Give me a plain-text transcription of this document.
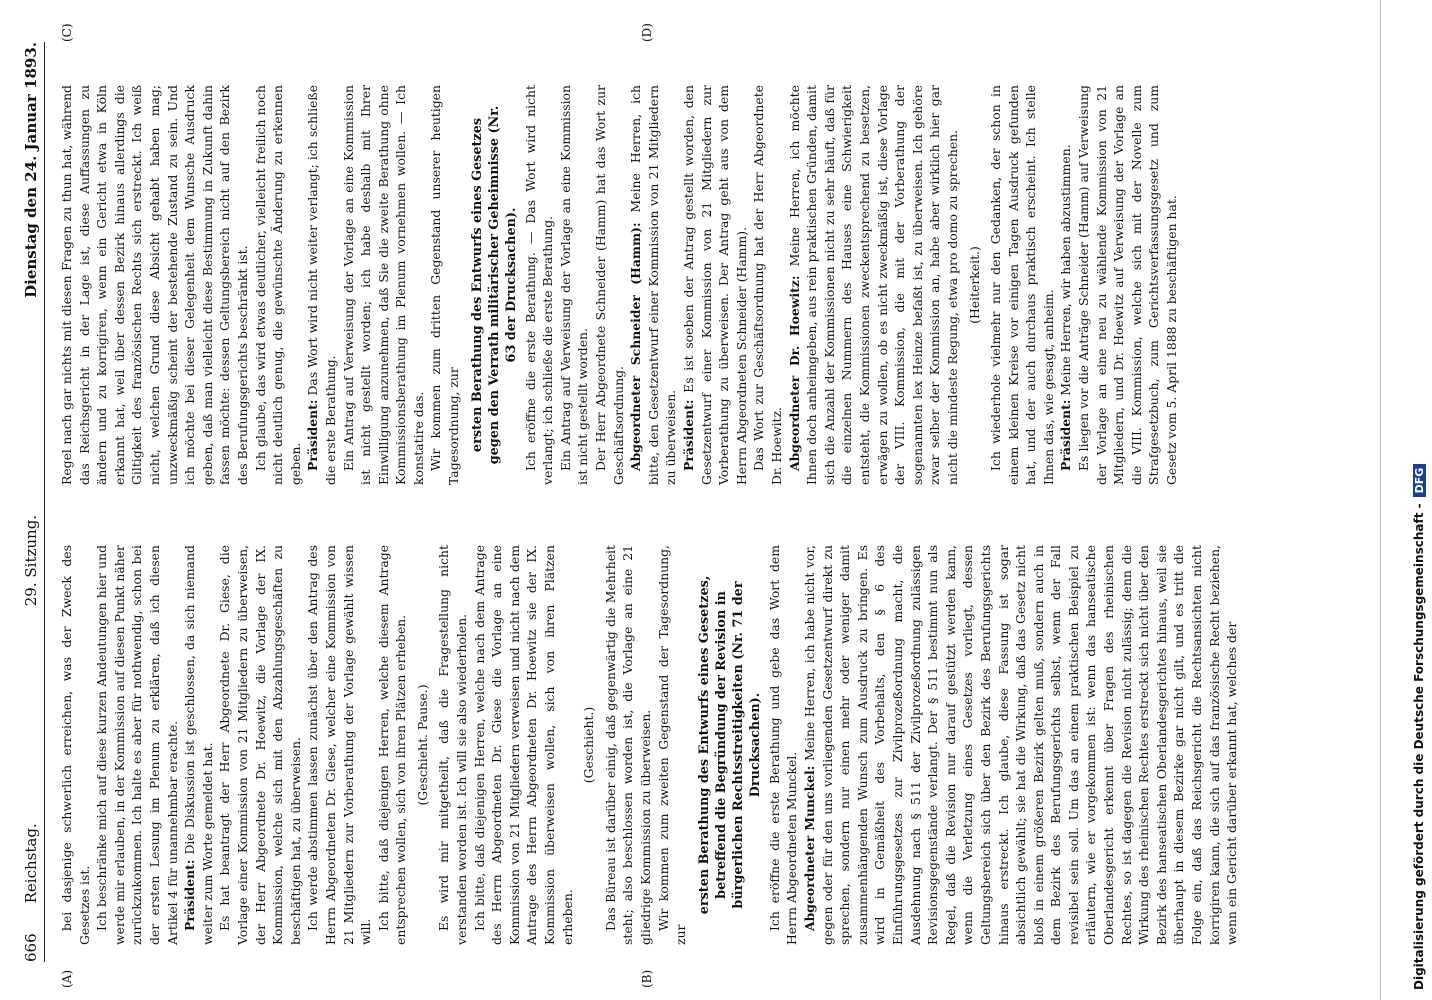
666
Reichstag.
29. Sitzung.
Dienstag den 24. Januar 1893.
(A)	(B)
(C)	(D)

bei dasjenige schwerlich erreichen, was der Zweck des Gesetzes ist. Ich beschränke mich auf diese kurzen Andeutungen hier und werde mir erlauben, in der Kommission auf diesen Punkt näher zurückzukommen. Ich halte es aber für nothwendig, schon bei der ersten Lesung im Plenum zu erklären, daß ich diesen Artikel 4 für unannehmbar erachte. Präsident: Die Diskussion ist geschlossen, da sich niemand weiter zum Worte gemeldet hat. Es hat beantragt der Herr Abgeordnete Dr. Giese, die Vorlage einer Kommission von 21 Mitgliedern zu überweisen, der Herr Abgeordnete Dr. Hoewitz, die Vorlage der IX. Kommission, welche sich mit den Abzahlungsgeschäften zu beschäftigen hat, zu überweisen. Ich werde abstimmen lassen zunächst über den Antrag des Herrn Abgeordneten Dr. Giese, welcher eine Kommission von 21 Mitgliedern zur Vorberathung der Vorlage gewählt wissen will.

Ich bitte, daß diejenigen Herren, welche diesem Antrage entsprechen wollen, sich von ihren Plätzen erheben. (Geschieht. Pause.) Es wird mir mitgetheilt, daß die Fragestellung nicht verstanden worden ist. Ich will sie also wiederholen. Ich bitte, daß diejenigen Herren, welche nach dem Antrage des Herrn Abgeordneten Dr. Giese die Vorlage an eine Kommission von 21 Mitgliedern verweisen und nicht nach dem Antrage des Herrn Abgeordneten Dr. Hoewitz sie der IX. Kommission überweisen wollen, sich von ihren Plätzen erheben.

(Geschieht.) Das Büreau ist darüber einig, daß gegenwärtig die Mehrheit steht; also beschlossen worden ist, die Vorlage an eine 21 gliedrige Kommission zu überweisen. Wir kommen zum zweiten Gegenstand der Tagesordnung, zur

ersten Berathung des Entwurfs eines Gesetzes, betreffend die Begründung der Revision in bürgerlichen Rechtsstreitigkeiten (Nr. 71 der Drucksachen). Ich eröffne die erste Berathung und gebe das Wort dem Herrn Abgeordneten Munckel. Abgeordneter Munckel: Meine Herren, ich habe nicht vor, gegen oder für den uns vorliegenden Gesetzentwurf direkt zu sprechen, sondern nur einen mehr oder weniger damit zusammenhängenden Wunsch zum Ausdruck zu bringen. Es wird in Gemäßheit des Vorbehalts, den § 6 des Einführungsgesetzes zur Zivilprozeßordnung macht, die Ausdehnung nach § 511 der Zivilprozeßordnung zulässigen Revisionsgegenstände verlangt. Der § 511 bestimmt nun als Regel, daß die Revision nur darauf gestützt werden kann, wenn die Verletzung eines Gesetzes vorliegt, dessen Geltungsbereich sich über den Bezirk des Berufungsgerichts hinaus erstreckt. Ich glaube, diese Fassung ist sogar absichtlich gewählt; sie hat die Wirkung, daß das Gesetz nicht bloß in einem größeren Bezirk gelten muß, sondern auch in dem Bezirk des Berufungsgerichts selbst, wenn der Fall revisibel sein soll. Um das an einem praktischen Beispiel zu erläutern, wie er vorgekommen ist: wenn das hanseatische Oberlandesgericht erkennt über Fragen des rheinischen Rechtes, so ist dagegen die Revision nicht zulässig; denn die Wirkung des rheinischen Rechtes erstreckt sich nicht über den Bezirk des hanseatischen Oberlandesgerichtes hinaus, weil sie überhaupt in diesem Bezirke gar nicht gilt, und es tritt die Folge ein, daß das Reichsgericht die Rechtsansichten nicht korrigiren kann, die sich auf das französische Recht beziehen, wenn ein Gericht darüber erkannt hat, welches der

Regel nach gar nichts mit diesen Fragen zu thun hat, während das Reichsgericht in der Lage ist, diese Auffassungen zu ändern und zu korrigiren, wenn ein Gericht etwa in Köln erkannt hat, weil über dessen Bezirk hinaus allerdings die Giltigkeit des französischen Rechts sich erstreckt. Ich weiß nicht, welchen Grund diese Absicht gehabt haben mag; unzweckmäßig scheint der bestehende Zustand zu sein. Und ich möchte bei dieser Gelegenheit dem Wunsche Ausdruck geben, daß man vielleicht diese Bestimmung in Zukunft dahin fassen möchte: dessen Geltungsbereich nicht auf den Bezirk des Berufungsgerichts beschränkt ist. Ich glaube, das wird etwas deutlicher, vielleicht freilich noch nicht deutlich genug, die gewünschte Änderung zu erkennen geben. Präsident: Das Wort wird nicht weiter verlangt; ich schließe die erste Berathung. Ein Antrag auf Verweisung der Vorlage an eine Kommission ist nicht gestellt worden; ich habe deshalb mit Ihrer Einwilligung anzunehmen, daß Sie die zweite Berathung ohne Kommissionsberathung im Plenum vornehmen wollen. — Ich konstatire das. Wir kommen zum dritten Gegenstand unserer heutigen Tagesordnung, zur ersten Berathung des Entwurfs eines Gesetzes gegen den Verrath militärischer Geheimnisse (Nr. 63 der Drucksachen). Ich eröffne die erste Berathung. — Das Wort wird nicht verlangt; ich schließe die erste Berathung. Ein Antrag auf Verweisung der Vorlage an eine Kommission ist nicht gestellt worden. Der Herr Abgeordnete Schneider (Hamm) hat das Wort zur Geschäftsordnung. Abgeordneter Schneider (Hamm): Meine Herren, ich bitte, den Gesetzentwurf einer Kommission von 21 Mitgliedern zu überweisen. Präsident: Es ist soeben der Antrag gestellt worden, den Gesetzentwurf einer Kommission von 21 Mitgliedern zur Vorberathung zu überweisen. Der Antrag geht aus von dem Herrn Abgeordneten Schneider (Hamm). Das Wort zur Geschäftsordnung hat der Herr Abgeordnete Dr. Hoewitz. Abgeordneter Dr. Hoewitz: Meine Herren, ich möchte Ihnen doch anheimgeben, aus rein praktischen Gründen, damit sich die Anzahl der Kommissionen nicht zu sehr häuft, daß für die einzelnen Nummern des Hauses eine Schwierigkeit entsteht, die Kommissionen zweckentsprechend zu besetzen, erwägen zu wollen, ob es nicht zweckmäßig ist, diese Vorlage der VIII. Kommission, die mit der Vorberathung der sogenannten lex Heinze befaßt ist, zu überweisen. Ich gehöre zwar selber der Kommission an, habe aber wirklich hier gar nicht die mindeste Regung, etwa pro domo zu sprechen. (Heiterkeit.) Ich wiederhole vielmehr nur den Gedanken, der schon in einem kleinen Kreise vor einigen Tagen Ausdruck gefunden hat, und der auch durchaus praktisch erscheint. Ich stelle Ihnen das, wie gesagt, anheim. Präsident: Meine Herren, wir haben abzustimmen. Es liegen vor die Anträge Schneider (Hamm) auf Verweisung der Vorlage an eine neu zu wählende Kommission von 21 Mitgliedern, und Dr. Hoewitz auf Verweisung der Vorlage an die VIII. Kommission, welche sich mit der Novelle zum Strafgesetzbuch, zum Gerichtsverfassungsgesetz und zum Gesetz vom 5. April 1888 zu beschäftigen hat.

Digitalisierung gefördert durch die Deutsche Forschungsgemeinschaft -
DFG
